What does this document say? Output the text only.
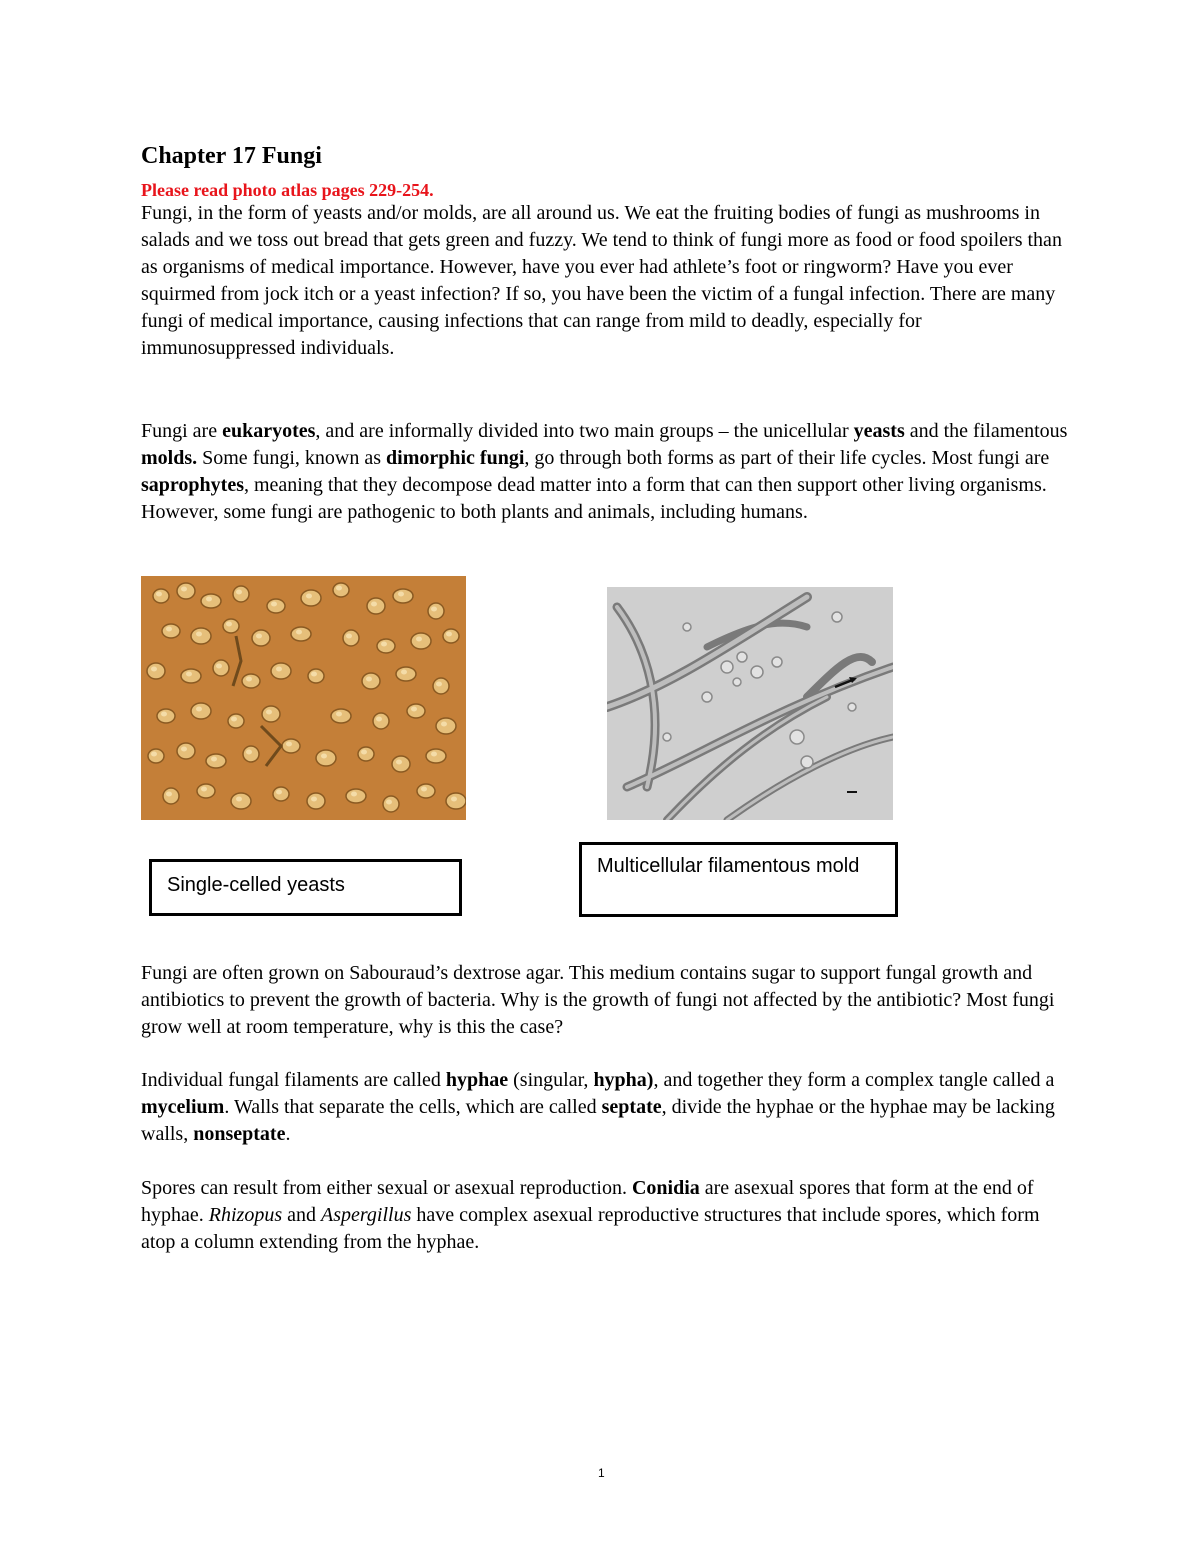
Chapter 17 Fungi
Please read photo atlas pages 229-254.

Fungi, in the form of yeasts and/or molds, are all around us. We eat the fruiting bodies of fungi as mushrooms in salads and we toss out bread that gets green and fuzzy. We tend to think of fungi more as food or food spoilers than as organisms of medical importance. However, have you ever had athlete’s foot or ringworm? Have you ever squirmed from jock itch or a yeast infection? If so, you have been the victim of a fungal infection. There are many fungi of medical importance, causing infections that can range from mild to deadly, especially for immunosuppressed individuals.

Fungi are eukaryotes, and are informally divided into two main groups – the unicellular yeasts and the filamentous molds. Some fungi, known as dimorphic fungi, go through both forms as part of their life cycles. Most fungi are saprophytes, meaning that they decompose dead matter into a form that can then support other living organisms. However, some fungi are pathogenic to both plants and animals, including humans.

Single-celled yeasts
Multicellular filamentous mold

Fungi are often grown on Sabouraud’s dextrose agar. This medium contains sugar to support fungal growth and antibiotics to prevent the growth of bacteria. Why is the growth of fungi not affected by the antibiotic? Most fungi grow well at room temperature, why is this the case?

Individual fungal filaments are called hyphae (singular, hypha), and together they form a complex tangle called a mycelium. Walls that separate the cells, which are called septate, divide the hyphae or the hyphae may be lacking walls, nonseptate.

Spores can result from either sexual or asexual reproduction. Conidia are asexual spores that form at the end of hyphae. Rhizopus and Aspergillus have complex asexual reproductive structures that include spores, which form atop a column extending from the hyphae.

1
